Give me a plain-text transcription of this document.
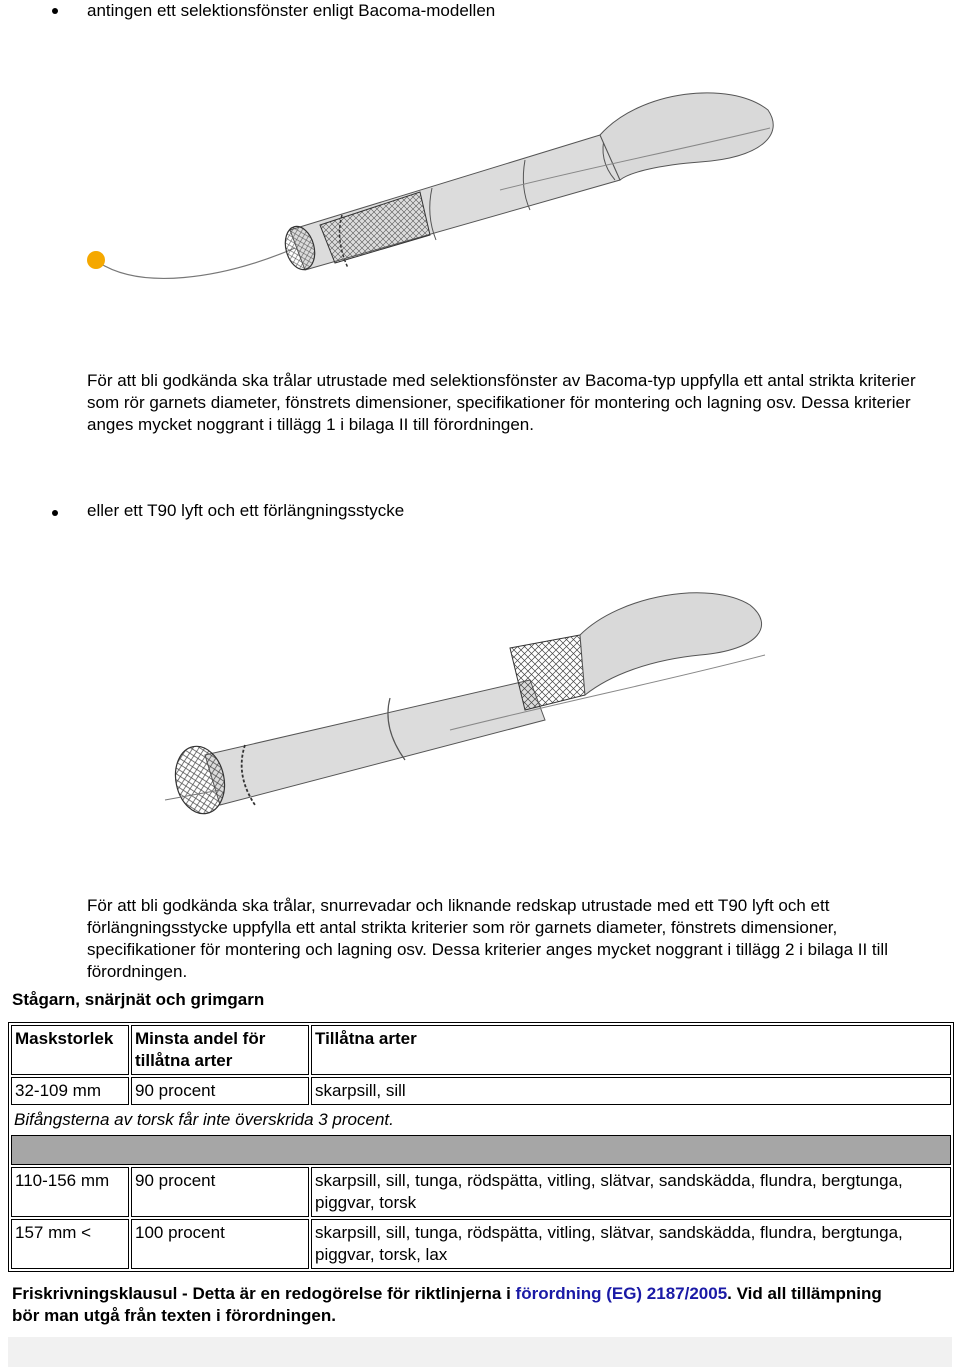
antingen ett selektionsfönster enligt Bacoma-modellen
För att bli godkända ska trålar utrustade med selektionsfönster av Bacoma-typ uppfylla ett antal strikta kriterier som rör garnets diameter, fönstrets dimensioner, specifikationer för montering och lagning osv. Dessa kriterier anges mycket noggrant i tillägg 1 i bilaga II till förordningen.
eller ett T90 lyft och ett förlängningsstycke
För att bli godkända ska trålar, snurrevadar och liknande redskap utrustade med ett T90 lyft och ett förlängningsstycke uppfylla ett antal strikta kriterier som rör garnets diameter, fönstrets dimensioner, specifikationer för montering och lagning osv. Dessa kriterier anges mycket noggrant i tillägg 2 i bilaga II till förordningen.
Stågarn, snärjnät och grimgarn
Maskstorlek	Minsta andel för tillåtna arter	Tillåtna arter
32-109 mm	90 procent	skarpsill, sill
Bifångsterna av torsk får inte överskrida 3 procent.		

110-156 mm	90 procent	skarpsill, sill, tunga, rödspätta, vitling, slätvar, sandskädda, flundra, bergtunga, piggvar, torsk
157 mm <	100 procent	skarpsill, sill, tunga, rödspätta, vitling, slätvar, sandskädda, flundra, bergtunga, piggvar, torsk, lax
Friskrivningsklausul - Detta är en redogörelse för riktlinjerna i förordning (EG) 2187/2005. Vid all tillämpning bör man utgå från texten i förordningen.
